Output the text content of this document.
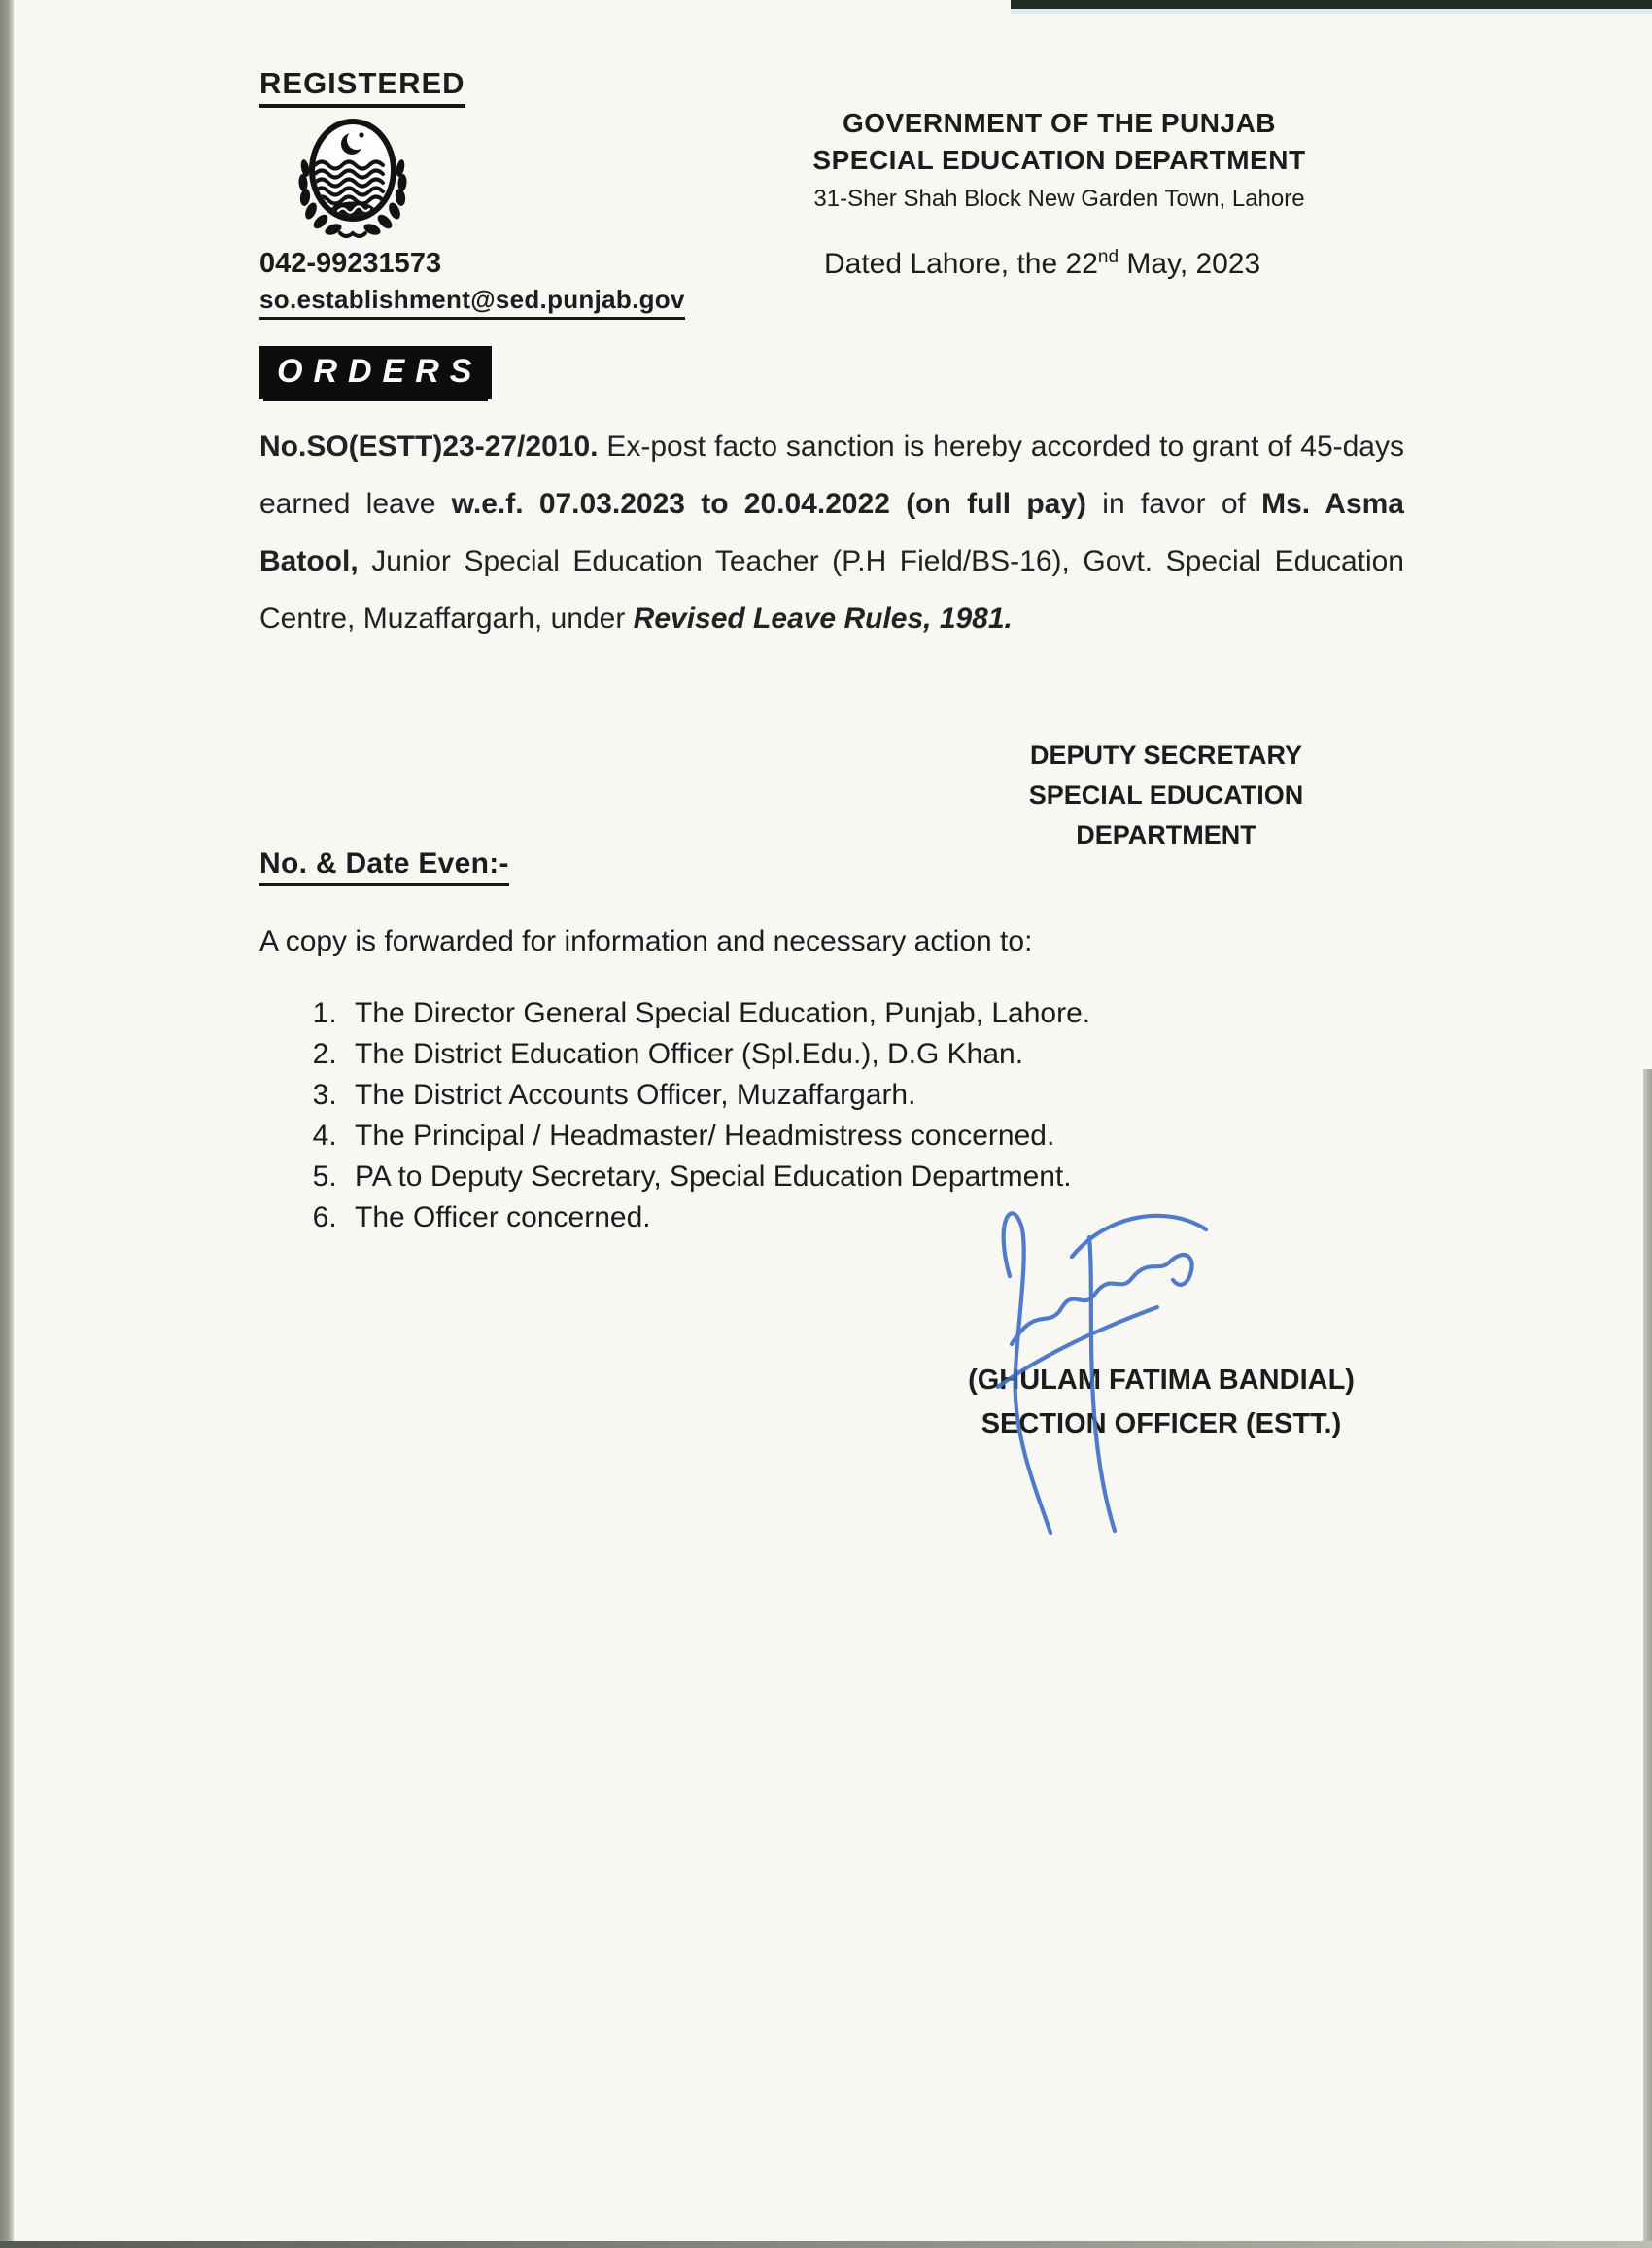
REGISTERED
GOVERNMENT OF THE PUNJAB
SPECIAL EDUCATION DEPARTMENT
31-Sher Shah Block New Garden Town, Lahore
042-99231573	Dated Lahore, the 22nd May, 2023
so.establishment@sed.punjab.gov
ORDERS
No.SO(ESTT)23-27/2010. Ex-post facto sanction is hereby accorded to grant of 45-days earned leave w.e.f. 07.03.2023 to 20.04.2022 (on full pay) in favor of Ms. Asma Batool, Junior Special Education Teacher (P.H Field/BS-16), Govt. Special Education Centre, Muzaffargarh, under Revised Leave Rules, 1981.
DEPUTY SECRETARY
SPECIAL EDUCATION
DEPARTMENT
No. & Date Even:-
A copy is forwarded for information and necessary action to:
1. The Director General Special Education, Punjab, Lahore.
2. The District Education Officer (Spl.Edu.), D.G Khan.
3. The District Accounts Officer, Muzaffargarh.
4. The Principal / Headmaster/ Headmistress concerned.
5. PA to Deputy Secretary, Special Education Department.
6. The Officer concerned.
(GHULAM FATIMA BANDIAL)
SECTION OFFICER (ESTT.)
